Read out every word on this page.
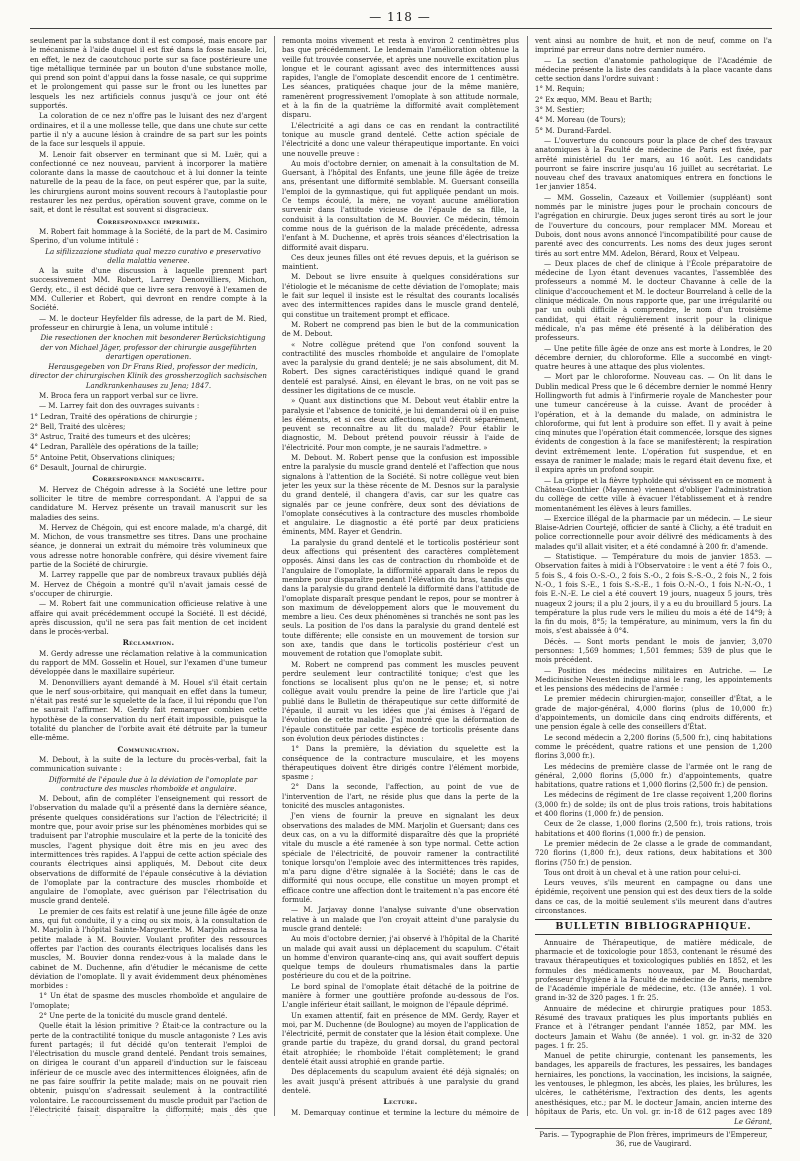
— 118 —

seulement par la substance dont il est composé, mais encore par le mécanisme à l'aide duquel il est fixé dans la fosse nasale. Ici, en effet, le nez de caoutchouc porte sur sa face postérieure une tige métallique terminée par un bouton d'une substance molle, qui prend son point d'appui dans la fosse nasale, ce qui supprime et le prolongement qui passe sur le front ou les lunettes par lesquels les nez artificiels connus jusqu'à ce jour ont été supportés.

La coloration de ce nez n'offre pas le luisant des nez d'argent ordinaires, et il a une mollesse telle, que dans une chute sur cette partie il n'y a aucune lésion à craindre de sa part sur les points de la face sur lesquels il appuie.

M. Lenoir fait observer en terminant que si M. Luër, qui a confectionné ce nez nouveau, parvient à incorporer la matière colorante dans la masse de caoutchouc et à lui donner la teinte naturelle de la peau de la face, on peut espérer que, par la suite, les chirurgiens auront moins souvent recours à l'autoplastie pour restaurer les nez perdus, opération souvent grave, comme on le sait, et dont le résultat est souvent si disgracieux.

Correspondance imprimée.

M. Robert fait hommage à la Société, de la part de M. Casimiro Sperino, d'un volume intitulé :

La sifilizzazione studiata qual mezzo curativo e preservativo della malattia veneree.

A la suite d'une discussion à laquelle prennent part successivement MM. Robert, Larrey Denonvilliers, Michon, Gerdy, etc., il est décidé que ce livre sera renvoyé à l'examen de MM. Cullerier et Robert, qui devront en rendre compte à la Société.

— M. le docteur Heyfelder fils adresse, de la part de M. Ried, professeur en chirurgie à Iena, un volume intitulé :

Die resectionen der knochen mit besonderer Berücksichtigung der von Michael Jäger, professor der chirurgie ausgeführten derartigen operationen.

Herausgegeben von Dr Frans Ried, professor der medicin, director der chirurgischen Klinik des grossherzoglich sachsischen Landkrankenhauses zu Jena; 1847.

M. Broca fera un rapport verbal sur ce livre.

— M. Larrey fait don des ouvrages suivants :

1° Ledran, Traité des opérations de chirurgie ;

2° Bell, Traité des ulcères;

3° Astruc, Traité des tumeurs et des ulcères;

4° Ledran, Parallèle des opérations de la taille;

5° Antoine Petit, Observations cliniques;

6° Desault, Journal de chirurgie.

Correspondance manuscrite.

M. Hervez de Chégoin adresse à la Société une lettre pour solliciter le titre de membre correspondant. A l'appui de sa candidature M. Hervez présente un travail manuscrit sur les maladies des seins.

M. Hervez de Chégoin, qui est encore malade, m'a chargé, dit M. Michon, de vous transmettre ses titres. Dans une prochaine séance, je donnerai un extrait du mémoire très volumineux que vous adresse notre honorable confrère, qui désire vivement faire partie de la Société de chirurgie.

M. Larrey rappelle que par de nombreux travaux publiés déjà M. Hervez de Chégoin a montré qu'il n'avait jamais cessé de s'occuper de chirurgie.

— M. Robert fait une communication officieuse relative à une affaire qui avait précédemment occupé la Société. Il est décidé, après discussion, qu'il ne sera pas fait mention de cet incident dans le procès-verbal.

Réclamation.

M. Gerdy adresse une réclamation relative à la communication du rapport de MM. Gosselin et Houel, sur l'examen d'une tumeur développée dans le maxillaire supérieur.

M. Denonvilliers ayant demandé à M. Houel s'il était certain que le nerf sous-orbitaire, qui manquait en effet dans la tumeur, n'était pas resté sur le squelette de la face, il lui répondu que l'on ne saurait l'affirmer. M. Gerdy fait remarquer combien cette hypothèse de la conservation du nerf était impossible, puisque la totalité du plancher de l'orbite avait été détruite par la tumeur elle-même.

Communication.

M. Debout, à la suite de la lecture du procès-verbal, fait la communication suivante :

Difformité de l'épaule due à la déviation de l'omoplate par contracture des muscles rhomboïde et angulaire.

M. Debout, afin de compléter l'enseignement qui ressort de l'observation du malade qu'il a présenté dans la dernière séance, présente quelques considérations sur l'action de l'électricité; il montre que, pour avoir prise sur les phénomènes morbides qui se traduisent par l'atrophie musculaire et la perte de la tonicité des muscles, l'agent physique doit être mis en jeu avec des intermittences très rapides. A l'appui de cette action spéciale des courants électriques ainsi appliqués, M. Debout cite deux observations de difformité de l'épaule consécutive à la déviation de l'omoplate par la contracture des muscles rhomboïde et angulaire de l'omoplate, avec guérison par l'électrisation du muscle grand dentelé.

Le premier de ces faits est relatif à une jeune fille âgée de onze ans, qui fut conduite, il y a cinq ou six mois, à la consultation de M. Marjolin à l'hôpital Sainte-Marguerite. M. Marjolin adressa la petite malade à M. Bouvier. Voulant profiter des ressources offertes par l'action des courants électriques localisés dans les muscles, M. Bouvier donna rendez-vous à la malade dans le cabinet de M. Duchenne, afin d'étudier le mécanisme de cette déviation de l'omoplate. Il y avait évidemment deux phénomènes morbides :

1° Un état de spasme des muscles rhomboïde et angulaire de l'omoplate;

2° Une perte de la tonicité du muscle grand dentelé.

Quelle était la lésion primitive ? Était-ce la contracture ou la perte de la contractilité tonique du muscle antagoniste ? Les avis furent partagés; il fut décidé qu'on tenterait l'emploi de l'électrisation du muscle grand dentelé. Pendant trois semaines, on dirigea le courant d'un appareil d'induction sur le faisceau inférieur de ce muscle avec des intermittences éloignées, afin de ne pas faire souffrir la petite malade; mais on ne pouvait rien obtenir, puisqu'on s'adressait seulement à la contractilité volontaire. Le raccourcissement du muscle produit par l'action de l'électricité faisait disparaître la difformité; mais dès que

remonta moins vivement et resta à environ 2 centimètres plus bas que précédemment. Le lendemain l'amélioration obtenue la veille fut trouvée conservée, et après une nouvelle excitation plus longue et le courant agissant avec des intermittences aussi rapides, l'angle de l'omoplate descendit encore de 1 centimètre. Les séances, pratiquées chaque jour de la même manière, ramenèrent progressivement l'omoplate à son attitude normale, et à la fin de la quatrième la difformité avait complètement disparu.

L'électricité a agi dans ce cas en rendant la contractilité tonique au muscle grand dentelé. Cette action spéciale de l'électricité a donc une valeur thérapeutique importante. En voici une nouvelle preuve :

Au mois d'octobre dernier, on amenait à la consultation de M. Guersant, à l'hôpital des Enfants, une jeune fille âgée de treize ans, présentant une difformité semblable. M. Guersant conseilla l'emploi de la gymnastique, qui fut appliquée pendant un mois. Ce temps écoulé, la mère, ne voyant aucune amélioration survenir dans l'attitude vicieuse de l'épaule de sa fille, la conduisit à la consultation de M. Bouvier. Ce médecin, témoin comme nous de la guérison de la malade précédente, adressa l'enfant à M. Duchenne, et après trois séances d'électrisation la difformité avait disparu.

Ces deux jeunes filles ont été revues depuis, et la guérison se maintient.

M. Debout se livre ensuite à quelques considérations sur l'étiologie et le mécanisme de cette déviation de l'omoplate; mais le fait sur lequel il insiste est le résultat des courants localisés avec des intermittences rapides dans le muscle grand dentelé, qui constitue un traitement prompt et efficace.

M. Robert ne comprend pas bien le but de la communication de M. Debout.

« Notre collègue prétend que l'on confond souvent la contractilité des muscles rhomboïde et angulaire de l'omoplate avec la paralysie du grand dentelé; je ne sais absolument, dit M. Robert. Des signes caractéristiques indiqué quand le grand dentelé est paralysé. Ainsi, en élevant le bras, on ne voit pas se dessiner les digitations de ce muscle.

» Quant aux distinctions que M. Debout veut établir entre la paralysie et l'absence de tonicité, je lui demanderai où il en puise les éléments, et si ces deux affections, qu'il décrit séparément, peuvent se reconnaître au lit du malade? Pour établir le diagnostic, M. Debout prétend pouvoir réussir à l'aide de l'électricité. Pour mon compte, je ne saurais l'admettre. »

M. Debout. M. Robert pense que la confusion est impossible entre la paralysie du muscle grand dentelé et l'affection que nous signalons à l'attention de la Société. Si notre collègue veut bien jeter les yeux sur la thèse récente de M. Desnos sur la paralysie du grand dentelé, il changera d'avis, car sur les quatre cas signalés par ce jeune confrère, deux sont des déviations de l'omoplate consécutives à la contracture des muscles rhomboïde et angulaire. Le diagnostic a été porté par deux praticiens éminents, MM. Rayer et Gendrin.

La paralysie du grand dentelé et le torticolis postérieur sont deux affections qui présentent des caractères complètement opposés. Ainsi dans les cas de contraction du rhomboïde et de l'angulaire de l'omoplate, la difformité apparaît dans le repos du membre pour disparaître pendant l'élévation du bras, tandis que dans la paralysie du grand dentelé la difformité dans l'attitude de l'omoplate disparaît presque pendant le repos, pour se montrer à son maximum de développement alors que le mouvement du membre a lieu. Ces deux phénomènes si tranchés ne sont pas les seuls. La position de l'os dans la paralysie du grand dentelé est toute différente; elle consiste en un mouvement de torsion sur son axe, tandis que dans le torticolis postérieur c'est un mouvement de rotation que l'omoplate subit.

M. Robert ne comprend pas comment les muscles peuvent perdre seulement leur contractilité tonique; c'est que les fonctions se localisent plus qu'on ne le pense; et, si notre collègue avait voulu prendre la peine de lire l'article que j'ai publié dans le Bulletin de thérapeutique sur cette difformité de l'épaule, il aurait vu les idées que j'ai émises à l'égard de l'évolution de cette maladie. J'ai montré que la déformation de l'épaule constituée par cette espèce de torticolis présente dans son évolution deux périodes distinctes :

1° Dans la première, la déviation du squelette est la conséquence de la contracture musculaire, et les moyens thérapeutiques doivent être dirigés contre l'élément morbide, spasme ;

2° Dans la seconde, l'affection, au point de vue de l'intervention de l'art, ne réside plus que dans la perte de la tonicité des muscles antagonistes.

J'en viens de fournir la preuve en signalant les deux observations des malades de MM. Marjolin et Guersant; dans ces deux cas, on a vu la difformité disparaître dès que la propriété vitale du muscle a été ramenée à son type normal. Cette action spéciale de l'électricité, de pouvoir ramener la contractilité tonique lorsqu'on l'emploie avec des intermittences très rapides, m'a paru digne d'être signalée à la Société; dans le cas de difformité qui nous occupe, elle constitue un moyen prompt et efficace contre une affection dont le traitement n'a pas encore été formulé.

— M. Jarjavay donne l'analyse suivante d'une observation relative à un malade que l'on croyait atteint d'une paralysie du muscle grand dentelé:

Au mois d'octobre dernier, j'ai observé à l'hôpital de la Charité un malade qui avait aussi un déplacement du scapulum. C'était un homme d'environ quarante-cinq ans, qui avait souffert depuis quelque temps de douleurs rhumatismales dans la partie postérieure du cou et de la poitrine.

Le bord spinal de l'omoplate était détaché de la poitrine de manière à former une gouttière profonde au-dessous de l'os. L'angle inférieur était saillant, le moignon de l'épaule déprimé.

Un examen attentif, fait en présence de MM. Gerdy, Rayer et moi, par M. Duchenne (de Boulogne) au moyen de l'application de l'électricité, permit de constater que la lésion était complexe. Une grande partie du trapèze, du grand dorsal, du grand pectoral était atrophiée; le rhomboïde l'était complètement; le grand dentelé était aussi atrophié en grande partie.

Des déplacements du scapulum avaient été déjà signalés; on les avait jusqu'à présent attribués à une paralysie du grand dentelé.

Lecture.

M. Demarquay continue et termine la lecture du mémoire de

vent ainsi au nombre de huit, et non de neuf, comme on l'a imprimé par erreur dans notre dernier numéro.

— La section d'anatomie pathologique de l'Académie de médecine présente la liste des candidats à la place vacante dans cette section dans l'ordre suivant :

1° M. Requin;

2° Ex æquo, MM. Beau et Barth;

3° M. Sestier;

4° M. Moreau (de Tours);

5° M. Durand-Fardel.

— L'ouverture du concours pour la place de chef des travaux anatomiques à la Faculté de médecine de Paris est fixée, par arrêté ministériel du 1er mars, au 16 août. Les candidats pourront se faire inscrire jusqu'au 16 juillet au secrétariat. Le nouveau chef des travaux anatomiques entrera en fonctions le 1er janvier 1854.

— MM. Gosselin, Cazeaux et Voillemier (suppléant) sont nommés par le ministre juges pour le prochain concours de l'agrégation en chirurgie. Deux juges seront tirés au sort le jour de l'ouverture du concours, pour remplacer MM. Moreau et Dubois, dont nous avons annoncé l'incompatibilité pour cause de parenté avec des concurrents. Les noms des deux juges seront tirés au sort entre MM. Adelon, Bérard, Roux et Velpeau.

— Deux places de chef de clinique à l'École préparatoire de médecine de Lyon étant devenues vacantes, l'assemblée des professeurs a nommé M. le docteur Chavanne à celle de la clinique d'accouchement et M. le docteur Bourreland à celle de la clinique médicale. On nous rapporte que, par une irrégularité ou par un oubli difficile à comprendre, le nom d'un troisième candidat, qui était régulièrement inscrit pour la clinique médicale, n'a pas même été présenté à la délibération des professeurs.

— Une petite fille âgée de onze ans est morte à Londres, le 20 décembre dernier, du chloroforme. Elle a succombé en vingt-quatre heures à une attaque des plus violentes.

— Mort par le chloroforme. Nouveau cas. — On lit dans le Dublin medical Press que le 6 décembre dernier le nommé Henry Hollingworth fut admis à l'infirmerie royale de Manchester pour une tumeur cancéreuse à la cuisse. Avant de procéder à l'opération, et à la demande du malade, on administra le chloroforme, qui fut lent à produire son effet. Il y avait à peine cinq minutes que l'opération était commencée, lorsque des signes évidents de congestion à la face se manifestèrent; la respiration devint extrêmement lente. L'opération fut suspendue, et en essaya de ranimer le malade; mais le regard était devenu fixe, et il expira après un profond soupir.

— La grippe et la fièvre typhoïde qui sévissent en ce moment à Château-Gonthier (Mayenne) viennent d'obliger l'administration du collège de cette ville à évacuer l'établissement et à rendre momentanément les élèves à leurs familles.

— Exercice illégal de la pharmacie par un médecin. — Le sieur Blaise-Adrien Courtejé, officier de santé à Clichy, a été traduit en police correctionnelle pour avoir délivré des médicaments à des malades qu'il allait visiter, et a été condamné à 200 fr. d'amende.

— Statistique. — Température du mois de janvier 1853. — Observation faites à midi à l'Observatoire : le vent a été 7 fois O., 5 fois S., 4 fois O.-S.-O., 2 fois S.-O., 2 fois S.-S.-O., 2 fois N., 2 fois N.-O., 1 fois S.-E., 1 fois S.-S.-E., 1 fois O.-N.-O., 1 fois N.-N.-O., 1 fois E.-N.-E. Le ciel a été couvert 19 jours, nuageux 5 jours, très nuageux 2 jours; il a plu 2 jours, il y a eu du brouillard 5 jours. La température la plus rude vers le milieu du mois a été de 14°9; à la fin du mois, 8°5; la température, au minimum, vers la fin du mois, s'est abaissée à 0°4.

Décès. — Sont morts pendant le mois de janvier, 3,070 personnes: 1,569 hommes; 1,501 femmes; 539 de plus que le mois précédent.

— Position des médecins militaires en Autriche. — Le Medicinische Neuesten indique ainsi le rang, les appointements et les pensions des médecins de l'armée :

Le premier médecin chirurgien-major, conseiller d'État, a le grade de major-général, 4,000 florins (plus de 10,000 fr.) d'appointements, un domicile dans cinq endroits différents, et une pension égale à celle des conseillers d'État.

Le second médecin a 2,200 florins (5,500 fr.), cinq habitations comme le précédent, quatre rations et une pension de 1,200 florins 3,000 fr.).

Les médecins de première classe de l'armée ont le rang de général, 2,000 florins (5,000 fr.) d'appointements, quatre habitations, quatre rations et 1,000 florins (2,500 fr.) de pension.

Les médecins de régiment de 1re classe reçoivent 1,200 florins (3,000 fr.) de solde; ils ont de plus trois rations, trois habitations et 400 florins (1,000 fr.) de pension.

Ceux de 2e classe, 1,000 florins (2,500 fr.), trois rations, trois habitations et 400 florins (1,000 fr.) de pension.

Le premier médecin de 2e classe a le grade de commandant, 720 florins (1,800 fr.), deux rations, deux habitations et 300 florins (750 fr.) de pension.

Tous ont droit à un cheval et à une ration pour celui-ci.

Leurs veuves, s'ils meurent en campagne ou dans une épidémie, reçoivent une pension qui est des deux tiers de la solde dans ce cas, de la moitié seulement s'ils meurent dans d'autres circonstances.

BULLETIN BIBLIOGRAPHIQUE.

Annuaire de Thérapeutique, de matière médicale, de pharmacie et de toxicologie pour 1853, contenant le résumé des travaux thérapeutiques et toxicologiques publiés en 1852, et les formules des médicaments nouveaux, par M. Bouchardat, professeur d'hygiène à la Faculté de médecine de Paris, membre de l'Académie impériale de médecine, etc. (13e année). 1 vol. grand in-32 de 320 pages. 1 fr. 25.

Annuaire de médecine et chirurgie pratiques pour 1853. Résumé des travaux pratiques les plus importants publiés en France et à l'étranger pendant l'année 1852, par MM. les docteurs Jamain et Wahu (8e année). 1 vol. gr. in-32 de 320 pages. 1 fr. 25.

Manuel de petite chirurgie, contenant les pansements, les bandages, les appareils de fractures, les pessaires, les bandages herniaires, les ponctions, la vaccination, les incisions, la saignée, les ventouses, le phlegmon, les abcès, les plaies, les brûlures, les ulcères, le cathétérisme, l'extraction des dents, les agents anesthésiques, etc.; par M. le docteur Jamain, ancien interne des hôpitaux de Paris, etc. Un vol. gr. in-18 de 612 pages avec 189

Le Gérant,
Paris. — Typographie de Plon frères, imprimeurs de l'Empereur, 36, rue de Vaugirard.
